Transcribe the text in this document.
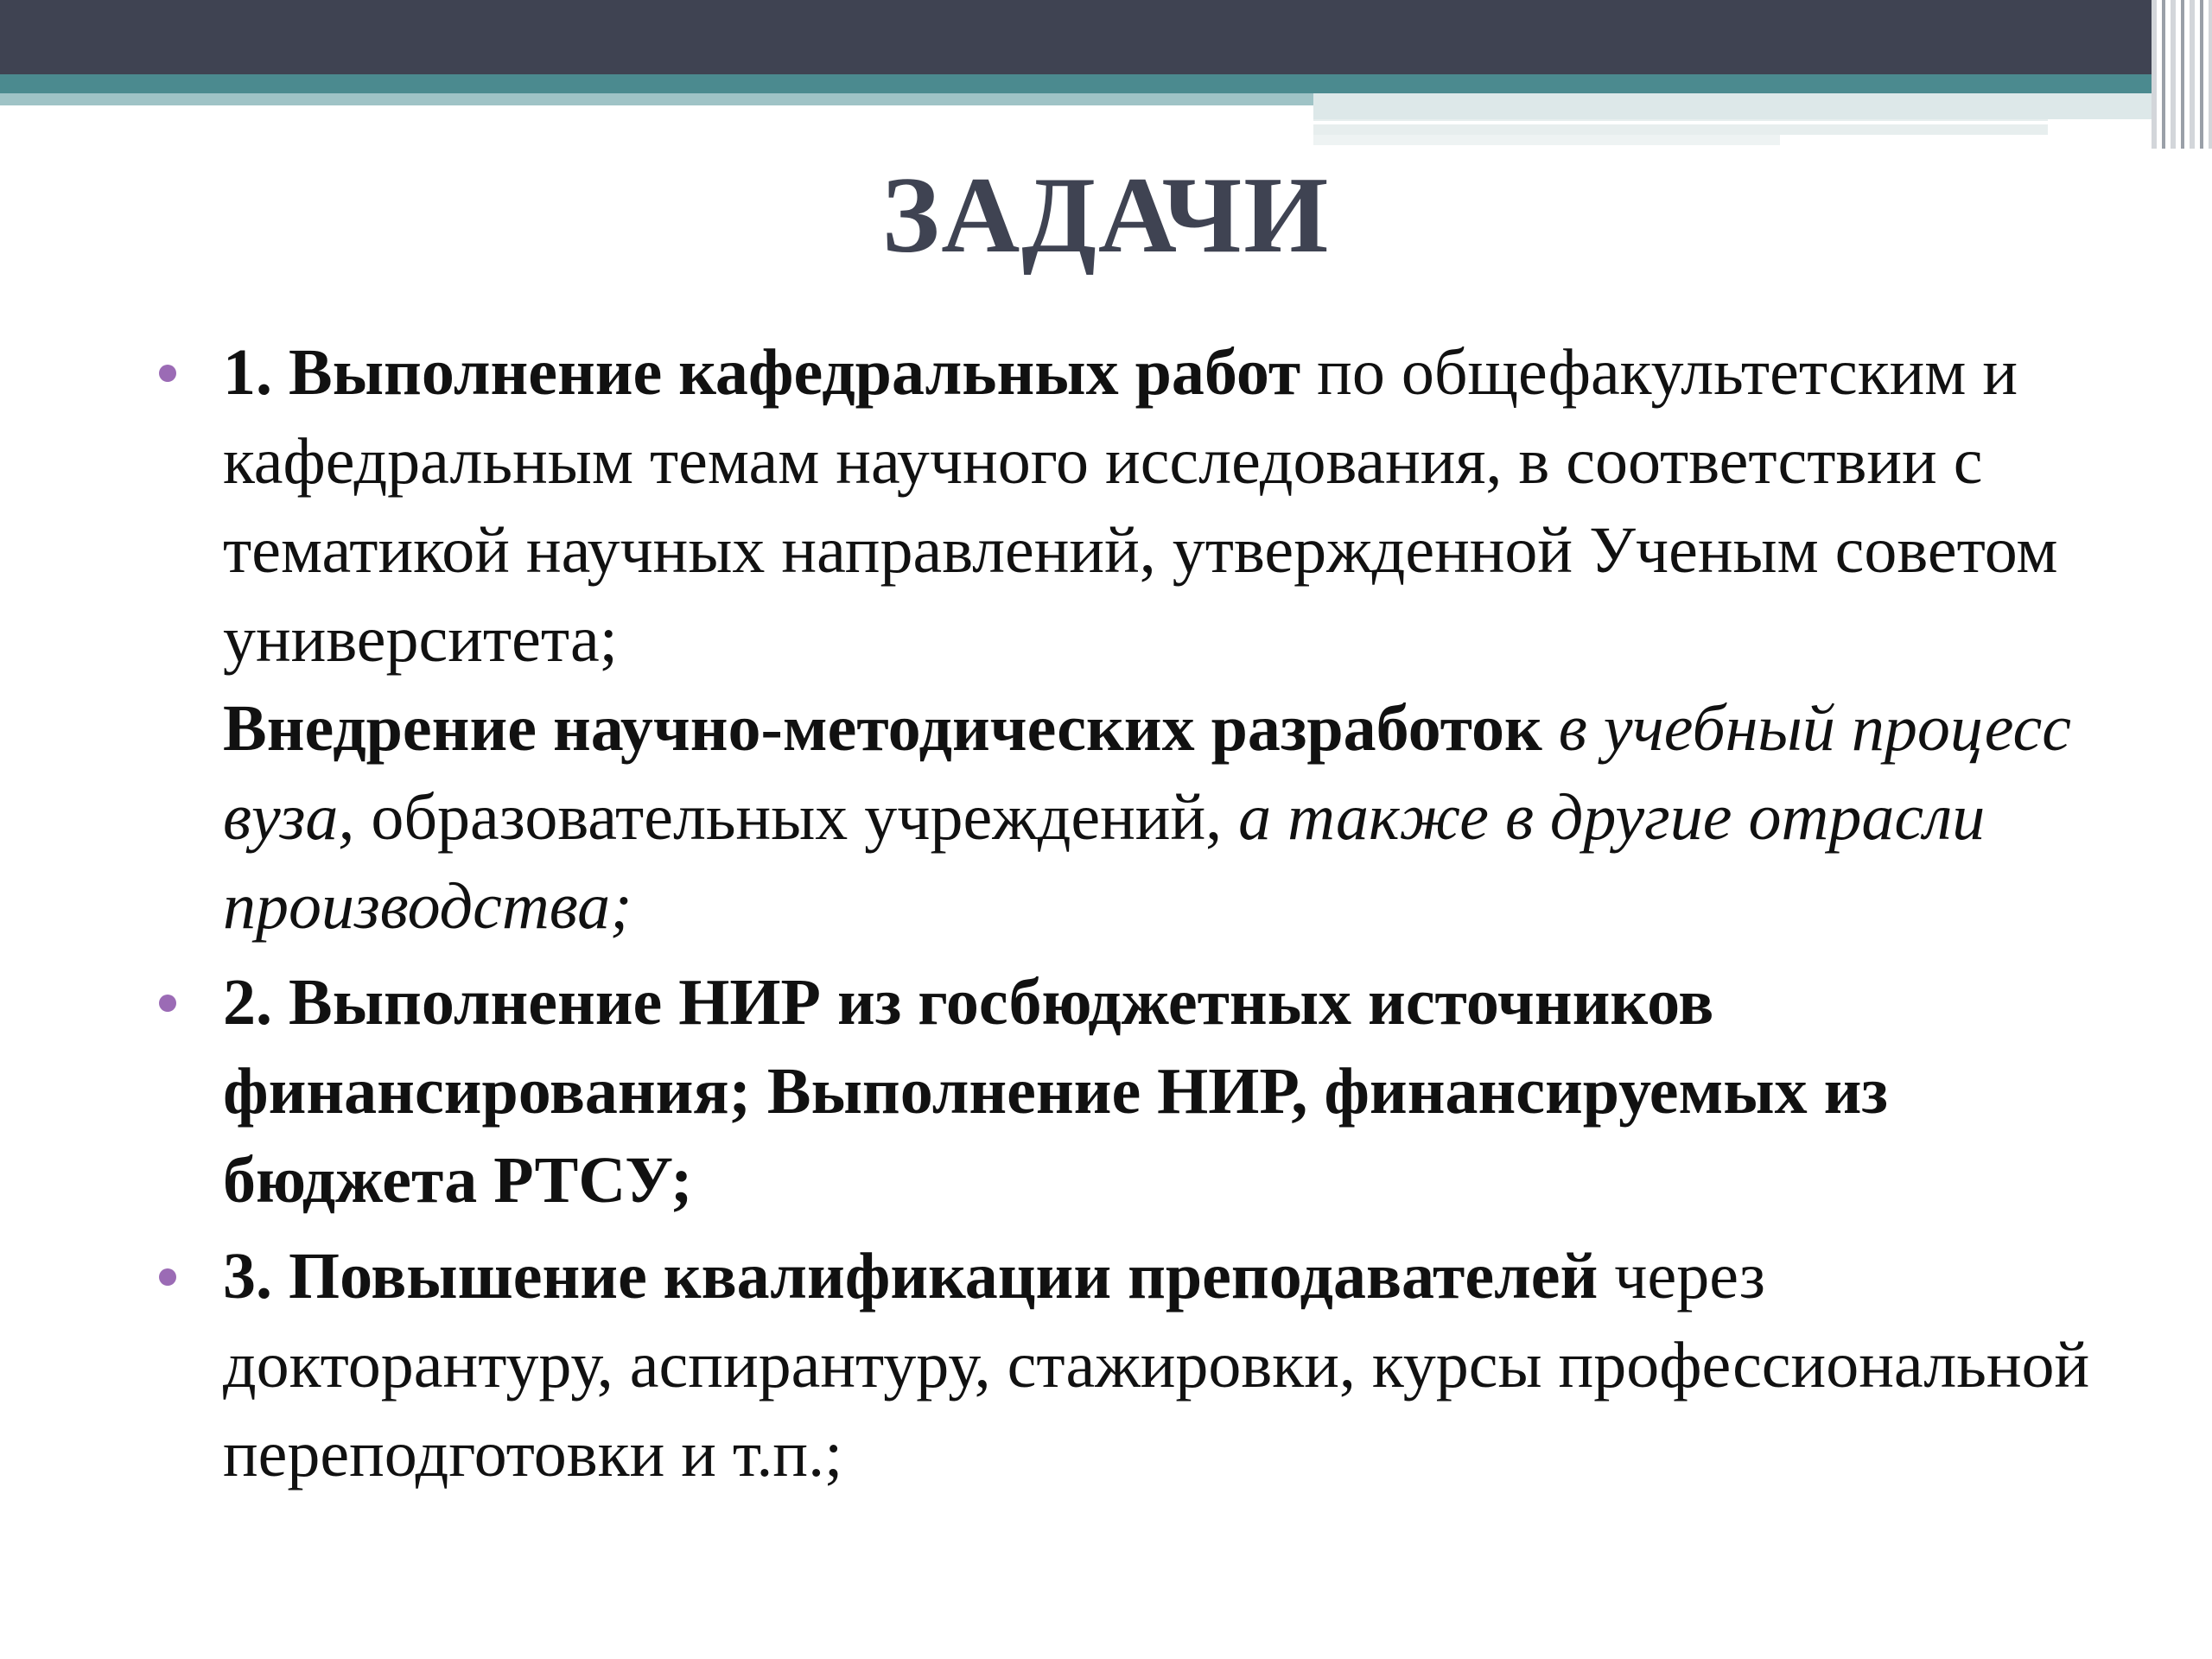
ЗАДАЧИ
1. Выполнение кафедральных работ по общефакультетским и кафедральным темам научного исследования, в соответствии с тематикой научных направлений, утвержденной Ученым советом университета;
Внедрение научно-методических разработок в учебный процесс вуза, образовательных учреждений, а также в другие отрасли производства;
2. Выполнение НИР из госбюджетных источников финансирования; Выполнение НИР, финансируемых из бюджета РТСУ;
3. Повышение квалификации преподавателей через докторантуру, аспирантуру, стажировки, курсы профессиональной переподготовки и т.п.;
